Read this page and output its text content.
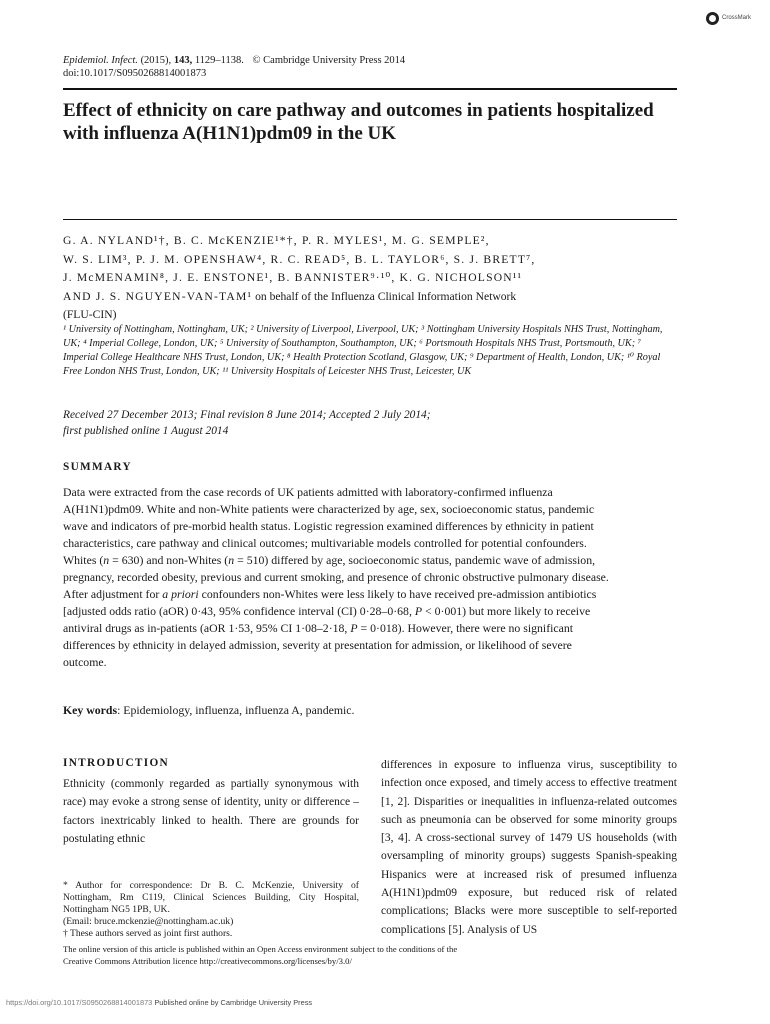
CrossMark
Epidemiol. Infect. (2015), 143, 1129–1138. © Cambridge University Press 2014
doi:10.1017/S0950268814001873
Effect of ethnicity on care pathway and outcomes in patients hospitalized with influenza A(H1N1)pdm09 in the UK
G. A. NYLAND¹†, B. C. McKENZIE¹*†, P. R. MYLES¹, M. G. SEMPLE²,
W. S. LIM³, P. J. M. OPENSHAW⁴, R. C. READ⁵, B. L. TAYLOR⁶, S. J. BRETT⁷,
J. McMENAMIN⁸, J. E. ENSTONE¹, B. BANNISTER⁹·¹⁰, K. G. NICHOLSON¹¹
AND J. S. NGUYEN-VAN-TAM¹ on behalf of the Influenza Clinical Information Network
(FLU-CIN)
¹ University of Nottingham, Nottingham, UK; ² University of Liverpool, Liverpool, UK; ³ Nottingham University Hospitals NHS Trust, Nottingham, UK; ⁴ Imperial College, London, UK; ⁵ University of Southampton, Southampton, UK; ⁶ Portsmouth Hospitals NHS Trust, Portsmouth, UK; ⁷ Imperial College Healthcare NHS Trust, London, UK; ⁸ Health Protection Scotland, Glasgow, UK; ⁹ Department of Health, London, UK; ¹⁰ Royal Free London NHS Trust, London, UK; ¹¹ University Hospitals of Leicester NHS Trust, Leicester, UK
Received 27 December 2013; Final revision 8 June 2014; Accepted 2 July 2014;
first published online 1 August 2014
SUMMARY
Data were extracted from the case records of UK patients admitted with laboratory-confirmed influenza A(H1N1)pdm09. White and non-White patients were characterized by age, sex, socioeconomic status, pandemic wave and indicators of pre-morbid health status. Logistic regression examined differences by ethnicity in patient characteristics, care pathway and clinical outcomes; multivariable models controlled for potential confounders. Whites (n = 630) and non-Whites (n = 510) differed by age, socioeconomic status, pandemic wave of admission, pregnancy, recorded obesity, previous and current smoking, and presence of chronic obstructive pulmonary disease. After adjustment for a priori confounders non-Whites were less likely to have received pre-admission antibiotics [adjusted odds ratio (aOR) 0·43, 95% confidence interval (CI) 0·28–0·68, P < 0·001) but more likely to receive antiviral drugs as in-patients (aOR 1·53, 95% CI 1·08–2·18, P = 0·018). However, there were no significant differences by ethnicity in delayed admission, severity at presentation for admission, or likelihood of severe outcome.
Key words: Epidemiology, influenza, influenza A, pandemic.
INTRODUCTION
Ethnicity (commonly regarded as partially synonymous with race) may evoke a strong sense of identity, unity or difference – factors inextricably linked to health. There are grounds for postulating ethnic
differences in exposure to influenza virus, susceptibility to infection once exposed, and timely access to effective treatment [1, 2]. Disparities or inequalities in influenza-related outcomes such as pneumonia can be observed for some minority groups [3, 4]. A cross-sectional survey of 1479 US households (with oversampling of minority groups) suggests Spanish-speaking Hispanics were at increased risk of presumed influenza A(H1N1)pdm09 exposure, but reduced risk of related complications; Blacks were more susceptible to self-reported complications [5]. Analysis of US
* Author for correspondence: Dr B. C. McKenzie, University of Nottingham, Rm C119, Clinical Sciences Building, City Hospital, Nottingham NG5 1PB, UK.
(Email: bruce.mckenzie@nottingham.ac.uk)
† These authors served as joint first authors.
The online version of this article is published within an Open Access environment subject to the conditions of the
Creative Commons Attribution licence http://creativecommons.org/licenses/by/3.0/
https://doi.org/10.1017/S0950268814001873 Published online by Cambridge University Press
